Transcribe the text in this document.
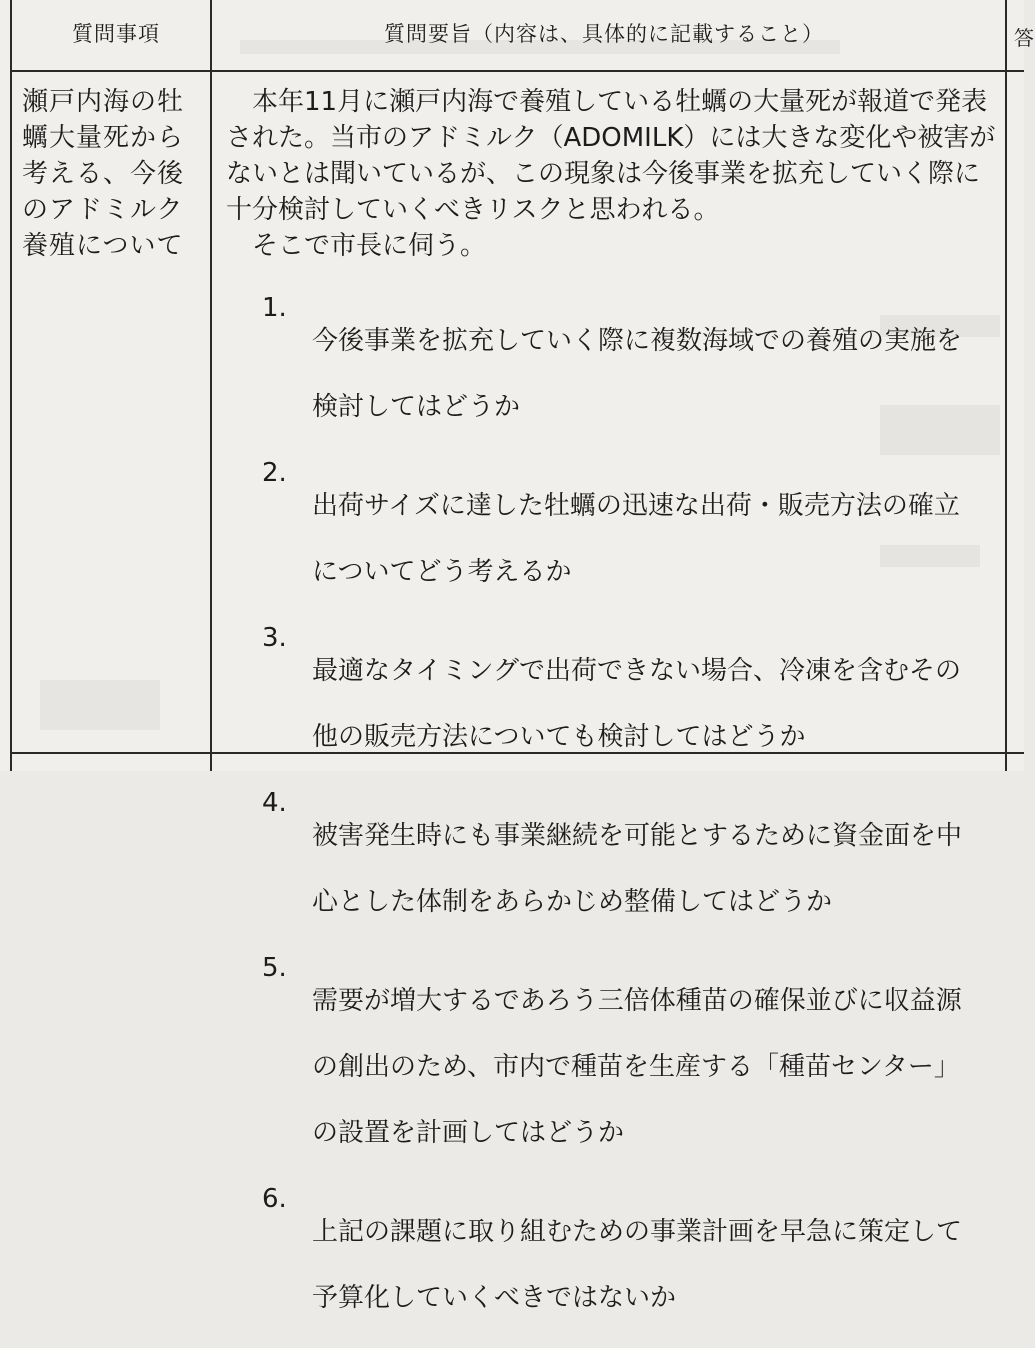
質問事項	質問要旨（内容は、具体的に記載すること）	答
瀬戸内海の牡
蠣大量死から
考える、今後
のアドミルク
養殖について
　本年11月に瀬戸内海で養殖している牡蠣の大量死が報道で発表
された。当市のアドミルク（ADOMILK）には大きな変化や被害が
ないとは聞いているが、この現象は今後事業を拡充していく際に
十分検討していくべきリスクと思われる。
　そこで市長に伺う。
1.

今後事業を拡充していく際に複数海域での養殖の実施を

検討してはどうか

2.

出荷サイズに達した牡蠣の迅速な出荷・販売方法の確立

についてどう考えるか

3.

最適なタイミングで出荷できない場合、冷凍を含むその

他の販売方法についても検討してはどうか

4.

被害発生時にも事業継続を可能とするために資金面を中

心とした体制をあらかじめ整備してはどうか

5.

需要が増大するであろう三倍体種苗の確保並びに収益源

の創出のため、市内で種苗を生産する「種苗センター」

の設置を計画してはどうか

6.

上記の課題に取り組むための事業計画を早急に策定して

予算化していくべきではないか
